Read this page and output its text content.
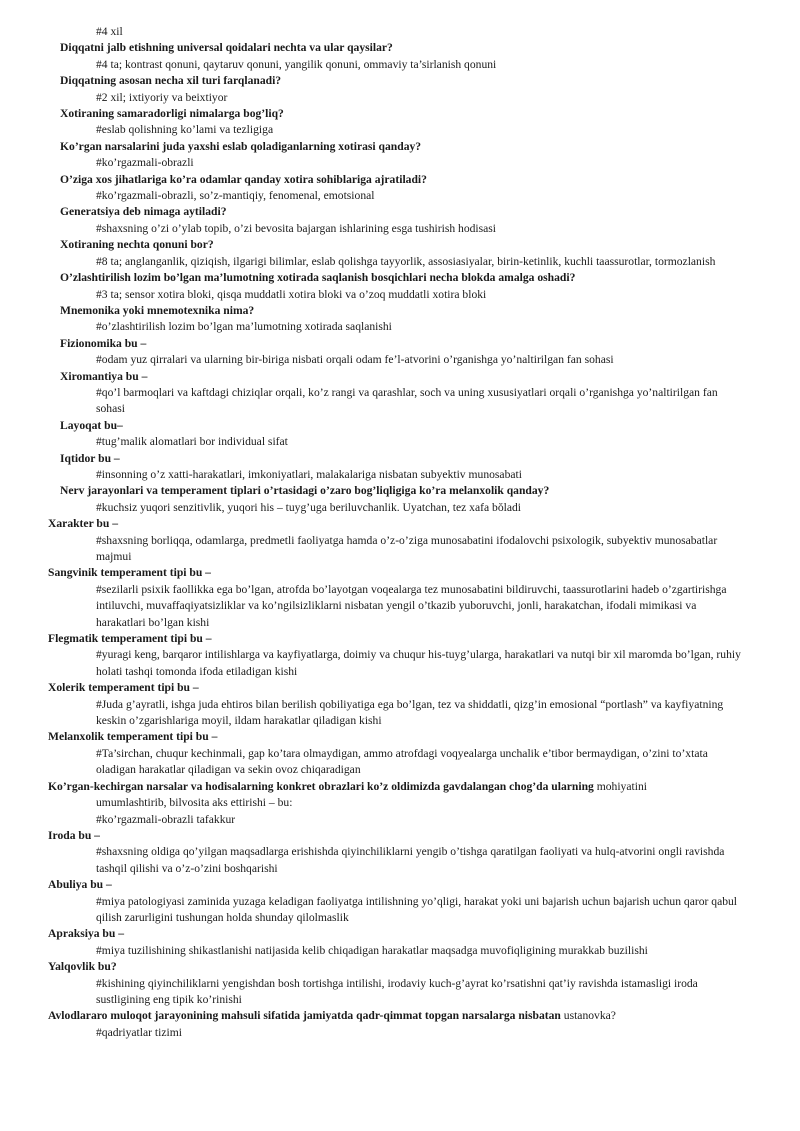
#4 xil

Diqqatni jalb etishning universal qoidalari nechta va ular qaysilar?

#4 ta; kontrast qonuni, qaytaruv qonuni, yangilik qonuni, ommaviy ta’sirlanish qonuni

Diqqatning asosan necha xil turi farqlanadi?

#2 xil; ixtiyoriy va beixtiyor

Xotiraning samaradorligi nimalarga bog’liq?

#eslab qolishning ko’lami va tezligiga

Ko’rgan narsalarini juda yaxshi eslab qoladiganlarning xotirasi qanday?

#ko’rgazmali-obrazli

O’ziga xos jihatlariga ko’ra odamlar qanday xotira sohiblariga ajratiladi?

#ko’rgazmali-obrazli, so’z-mantiqiy, fenomenal, emotsional

Generatsiya deb nimaga aytiladi?

#shaxsning o’zi o’ylab topib, o’zi bevosita bajargan ishlarining esga tushirish hodisasi

Xotiraning nechta qonuni bor?

#8 ta; anglanganlik, qiziqish, ilgarigi bilimlar, eslab qolishga tayyorlik, assosiasiyalar, birin-ketinlik, kuchli taassurotlar, tormozlanish

O’zlashtirilish lozim bo’lgan ma’lumotning xotirada saqlanish bosqichlari necha blokda amalga oshadi?

#3 ta; sensor xotira bloki, qisqa muddatli xotira bloki va o’zoq muddatli xotira bloki

Mnemonika yoki mnemotexnika nima?

#o’zlashtirilish lozim bo’lgan ma’lumotning xotirada saqlanishi

Fizionomika bu –

#odam yuz qirralari va ularning bir-biriga nisbati orqali odam fe’l-atvorini o’rganishga yo’naltirilgan fan sohasi

Xiromantiya bu –

#qo’l barmoqlari va kaftdagi chiziqlar orqali, ko’z rangi va qarashlar, soch va uning xususiyatlari orqali o’rganishga yo’naltirilgan fan sohasi

Layoqat bu–

#tug’malik alomatlari bor individual sifat

Iqtidor bu –

#insonning o’z xatti-harakatlari, imkoniyatlari, malakalariga nisbatan subyektiv munosabati

Nerv jarayonlari va temperament tiplari o’rtasidagi o’zaro bog’liqligiga ko’ra melanxolik qanday?

#kuchsiz yuqori senzitivlik, yuqori his – tuyg’uga beriluvchanlik. Uyatchan, tez xafa bŏladi

Xarakter bu –

#shaxsning borliqqa, odamlarga, predmetli faoliyatga hamda o’z-o’ziga munosabatini ifodalovchi psixologik, subyektiv munosabatlar majmui

Sangvinik temperament tipi bu –

#sezilarli psixik faollikka ega bo’lgan, atrofda bo’layotgan voqealarga tez munosabatini bildiruvchi, taassurotlarini hadeb o’zgartirishga intiluvchi, muvaffaqiyatsizliklar va ko’ngilsizliklarni nisbatan yengil o’tkazib yuboruvchi, jonli, harakatchan, ifodali mimikasi va harakatlari bo’lgan kishi

Flegmatik temperament tipi bu –

#yuragi keng, barqaror intilishlarga va kayfiyatlarga, doimiy va chuqur his-tuyg’ularga, harakatlari va nutqi bir xil maromda bo’lgan, ruhiy holati tashqi tomonda ifoda etiladigan kishi

Xolerik temperament tipi bu –

#Juda g’ayratli, ishga juda ehtiros bilan berilish qobiliyatiga ega bo’lgan, tez va shiddatli, qizg’in emosional “portlash” va kayfiyatning keskin o’zgarishlariga moyil, ildam harakatlar qiladigan kishi

Melanxolik temperament tipi bu –

#Ta’sirchan, chuqur kechinmali, gap ko’tara olmaydigan, ammo atrofdagi voqyealarga unchalik e’tibor bermaydigan, o’zini to’xtata oladigan harakatlar qiladigan va sekin ovoz chiqaradigan

Ko’rgan-kechirgan narsalar va hodisalarning konkret obrazlari ko’z oldimizda gavdalangan chog’da ularning mohiyatini

umumlashtirib, bilvosita aks ettirishi – bu:

#ko’rgazmali-obrazli tafakkur

Iroda bu –

#shaxsning oldiga qo’yilgan maqsadlarga erishishda qiyinchiliklarni yengib o’tishga qaratilgan faoliyati va hulq-atvorini ongli ravishda tashqil qilishi va o’z-o’zini boshqarishi

Abuliya bu –

#miya patologiyasi zaminida yuzaga keladigan faoliyatga intilishning yo’qligi, harakat yoki uni bajarish uchun bajarish uchun qaror qabul qilish zarurligini tushungan holda shunday qilolmaslik

Apraksiya bu –

#miya tuzilishining shikastlanishi natijasida kelib chiqadigan harakatlar maqsadga muvofiqligining murakkab buzilishi

Yalqovlik bu?

#kishining qiyinchiliklarni yengishdan bosh tortishga intilishi, irodaviy kuch-g’ayrat ko’rsatishni qat’iy ravishda istamasligi iroda sustligining eng tipik ko’rinishi

Avlodlararo muloqot jarayonining mahsuli sifatida jamiyatda qadr-qimmat topgan narsalarga nisbatan ustanovka?

#qadriyatlar tizimi
